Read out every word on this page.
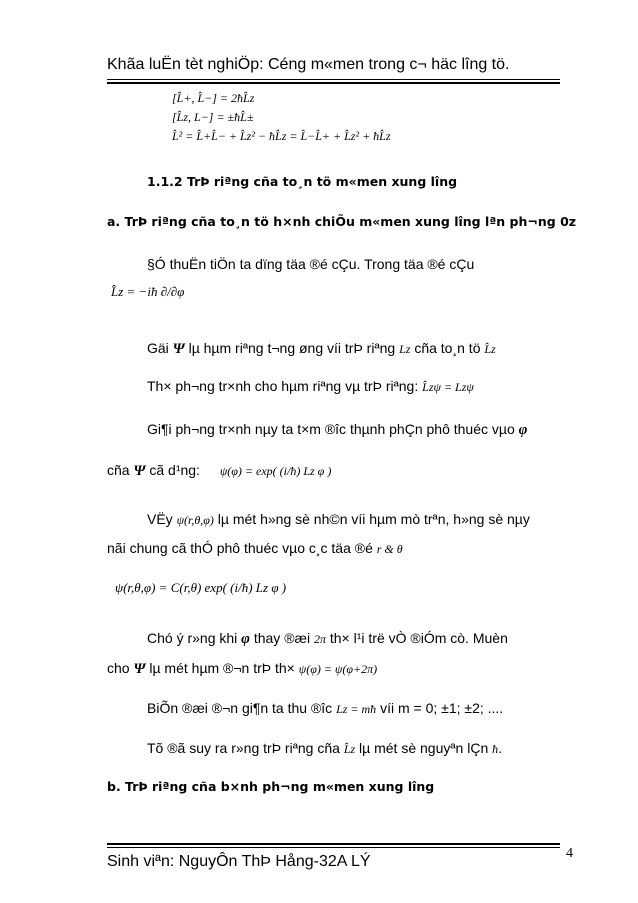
Khãa luËn tèt nghiÖp: Céng m«men trong c¬ häc lîng tö.
[L̂+, L̂−] = 2ħL̂z
[L̂z, L−] = ±ħL̂±
L̂² = L̂+L̂− + L̂z² − ħL̂z = L̂−L̂+ + L̂z² + ħL̂z
1.1.2 TrÞ riªng cña to¸n tö m«men xung lîng
a. TrÞ riªng cña to¸n tö h×nh chiÕu m«men xung lîng lªn ph¬ng 0z
§Ó thuËn tiÖn ta dïng täa ®é cÇu. Trong täa ®é cÇu
L̂z = −iħ ∂/∂φ
Gäi Ψ lµ hµm riªng t¬ng øng víi trÞ riªng Lz cña to¸n tö L̂z
Th× ph¬ng tr×nh cho hµm riªng vµ trÞ riªng: L̂zψ = Lzψ
Gi¶i ph¬ng tr×nh nµy ta t×m ®îc thµnh phÇn phô thuéc vµo φ
cña Ψ cã d¹ng: ψ(φ) = exp( (i/ħ) Lz φ )
VËy ψ(r,θ,φ) lµ mét h»ng sè nh©n víi hµm mò trªn, h»ng sè nµy
nãi chung cã thÓ phô thuéc vµo c¸c täa ®é r & θ
ψ(r,θ,φ) = C(r,θ) exp( (i/ħ) Lz φ )
Chó ý r»ng khi φ thay ®æi 2π th× l¹i trë vÒ ®iÓm cò. Muèn
cho Ψ lµ mét hµm ®¬n trÞ th× ψ(φ) = ψ(φ+2π)
BiÕn ®æi ®¬n gi¶n ta thu ®îc Lz = mħ víi m = 0; ±1; ±2; ....
Tõ ®ã suy ra r»ng trÞ riªng cña L̂z lµ mét sè nguyªn lÇn ħ.
b. TrÞ riªng cña b×nh ph¬ng m«men xung lîng
Sinh viªn: NguyÔn ThÞ Hång-32A LÝ	4
